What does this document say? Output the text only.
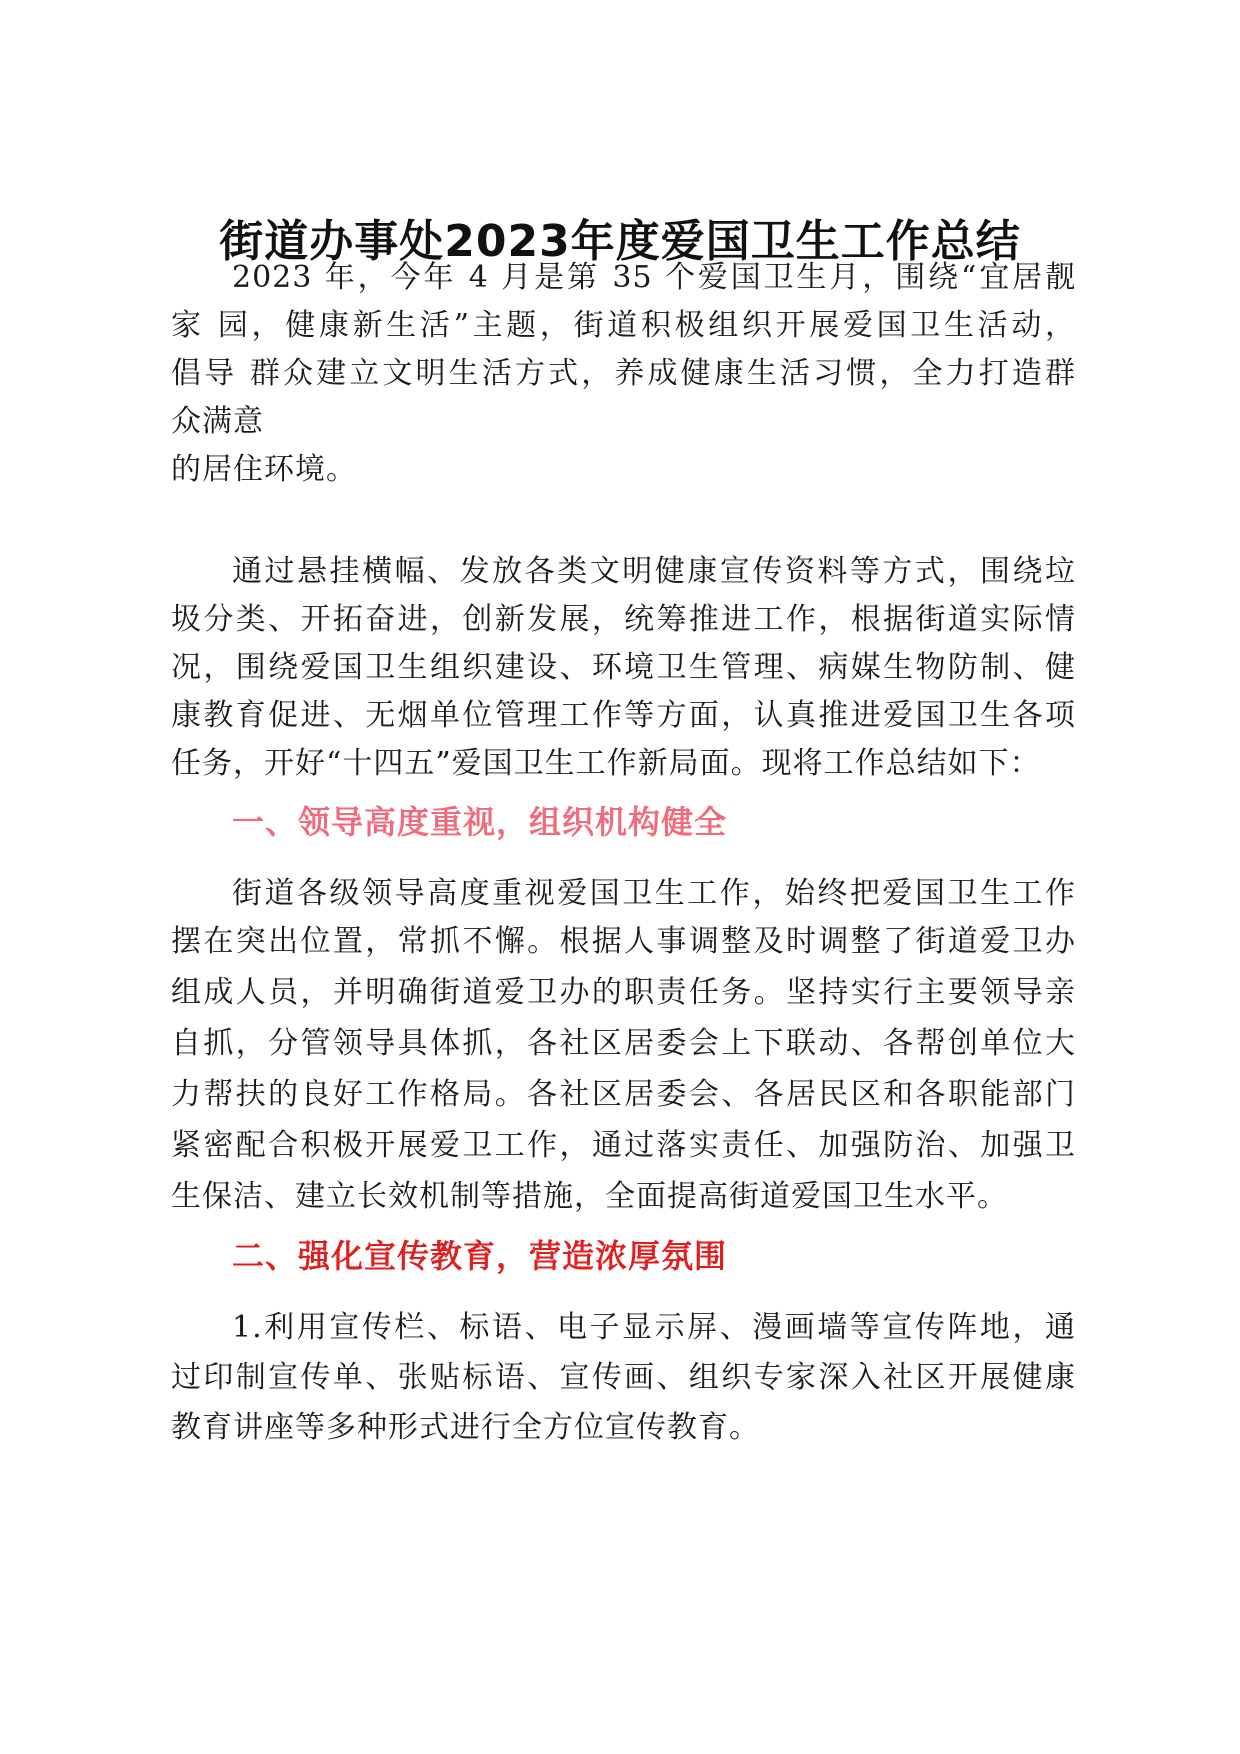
街道办事处2023年度爱国卫生工作总结
2023 年，今年 4 月是第 35 个爱国卫生月，围绕“宜居靓
家 园，健康新生活”主题，街道积极组织开展爱国卫生活动，
倡导 群众建立文明生活方式，养成健康生活习惯，全力打造群
众满意
的居住环境。
通过悬挂横幅、发放各类文明健康宣传资料等方式，围绕垃
圾分类、开拓奋进，创新发展，统筹推进工作，根据街道实际情
况，围绕爱国卫生组织建设、环境卫生管理、病媒生物防制、健
康教育促进、无烟单位管理工作等方面，认真推进爱国卫生各项
任务，开好“十四五”爱国卫生工作新局面。现将工作总结如下：
一、领导高度重视，组织机构健全
街道各级领导高度重视爱国卫生工作，始终把爱国卫生工作
摆在突出位置，常抓不懈。根据人事调整及时调整了街道爱卫办
组成人员，并明确街道爱卫办的职责任务。坚持实行主要领导亲
自抓，分管领导具体抓，各社区居委会上下联动、各帮创单位大
力帮扶的良好工作格局。各社区居委会、各居民区和各职能部门
紧密配合积极开展爱卫工作，通过落实责任、加强防治、加强卫
生保洁、建立长效机制等措施，全面提高街道爱国卫生水平。
二、强化宣传教育，营造浓厚氛围
1.利用宣传栏、标语、电子显示屏、漫画墙等宣传阵地，通
过印制宣传单、张贴标语、宣传画、组织专家深入社区开展健康
教育讲座等多种形式进行全方位宣传教育。
